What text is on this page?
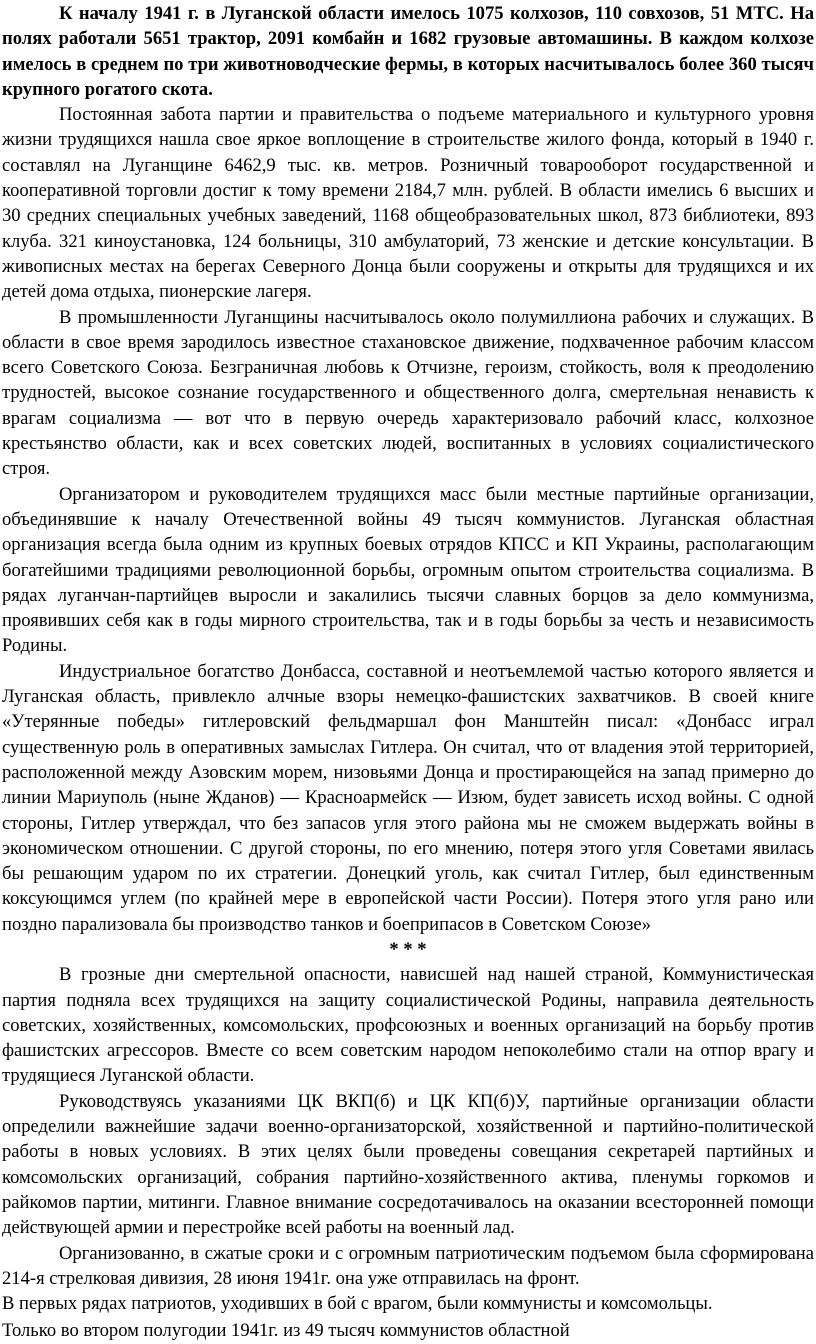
К началу 1941 г. в Луганской области имелось 1075 колхозов, 110 совхозов, 51 МТС. На полях работали 5651 трактор, 2091 комбайн и 1682 грузовые автомашины. В каждом колхозе имелось в среднем по три животноводческие фермы, в которых насчитывалось более 360 тысяч крупного рогатого скота.

Постоянная забота партии и правительства о подъеме материального и культурного уровня жизни трудящихся нашла свое яркое воплощение в строительстве жилого фонда, который в 1940 г. составлял на Луганщине 6462,9 тыс. кв. метров. Розничный товарооборот государственной и кооперативной торговли достиг к тому времени 2184,7 млн. рублей. В области имелись 6 высших и 30 средних специальных учебных заведений, 1168 общеобразовательных школ, 873 библиотеки, 893 клуба. 321 киноустановка, 124 больницы, 310 амбулаторий, 73 женские и детские консультации. В живописных местах на берегах Северного Донца были сооружены и открыты для трудящихся и их детей дома отдыха, пионерские лагеря.

В промышленности Луганщины насчитывалось около полумиллиона рабочих и служащих. В области в свое время зародилось известное стахановское движение, подхваченное рабочим классом всего Советского Союза. Безграничная любовь к Отчизне, героизм, стойкость, воля к преодолению трудностей, высокое сознание государственного и общественного долга, смертельная ненависть к врагам социализма — вот что в первую очередь характеризовало рабочий класс, колхозное крестьянство области, как и всех советских людей, воспитанных в условиях социалистического строя.

Организатором и руководителем трудящихся масс были местные партийные организации, объединявшие к началу Отечественной войны 49 тысяч коммунистов. Луганская областная организация всегда была одним из крупных боевых отрядов КПСС и КП Украины, располагающим богатейшими традициями революционной борьбы, огромным опытом строительства социализма. В рядах луганчан-партийцев выросли и закалились тысячи славных борцов за дело коммунизма, проявивших себя как в годы мирного строительства, так и в годы борьбы за честь и независимость Родины.

Индустриальное богатство Донбасса, составной и неотъемлемой частью которого является и Луганская область, привлекло алчные взоры немецко-фашистских захватчиков. В своей книге «Утерянные победы» гитлеровский фельдмаршал фон Манштейн писал: «Донбасс играл существенную роль в оперативных замыслах Гитлера. Он считал, что от владения этой территорией, расположенной между Азовским морем, низовьями Донца и простирающейся на запад примерно до линии Мариуполь (ныне Жданов) — Красноармейск — Изюм, будет зависеть исход войны. С одной стороны, Гитлер утверждал, что без запасов угля этого района мы не сможем выдержать войны в экономическом отношении. С другой стороны, по его мнению, потеря этого угля Советами явилась бы решающим ударом по их стратегии. Донецкий уголь, как считал Гитлер, был единственным коксующимся углем (по крайней мере в европейской части России). Потеря этого угля рано или поздно парализовала бы производство танков и боеприпасов в Советском Союзе»

* * *

В грозные дни смертельной опасности, нависшей над нашей страной, Коммунистическая партия подняла всех трудящихся на защиту социалистической Родины, направила деятельность советских, хозяйственных, комсомольских, профсоюзных и военных организаций на борьбу против фашистских агрессоров. Вместе со всем советским народом непоколебимо стали на отпор врагу и трудящиеся Луганской области.

Руководствуясь указаниями ЦК ВКП(б) и ЦК КП(б)У, партийные организации области определили важнейшие задачи военно-организаторской, хозяйственной и партийно-политической работы в новых условиях. В этих целях были проведены совещания секретарей партийных и комсомольских организаций, собрания партийно-хозяйственного актива, пленумы горкомов и райкомов партии, митинги. Главное внимание сосредотачивалось на оказании всесторонней помощи действующей армии и перестройке всей работы на военный лад.

Организованно, в сжатые сроки и с огромным патриотическим подъемом была сформирована 214-я стрелковая дивизия, 28 июня 1941г. она уже отправилась на фронт.

В первых рядах патриотов, уходивших в бой с врагом, были коммунисты и комсомольцы.

Только во втором полугодии 1941г. из 49 тысяч коммунистов областной
